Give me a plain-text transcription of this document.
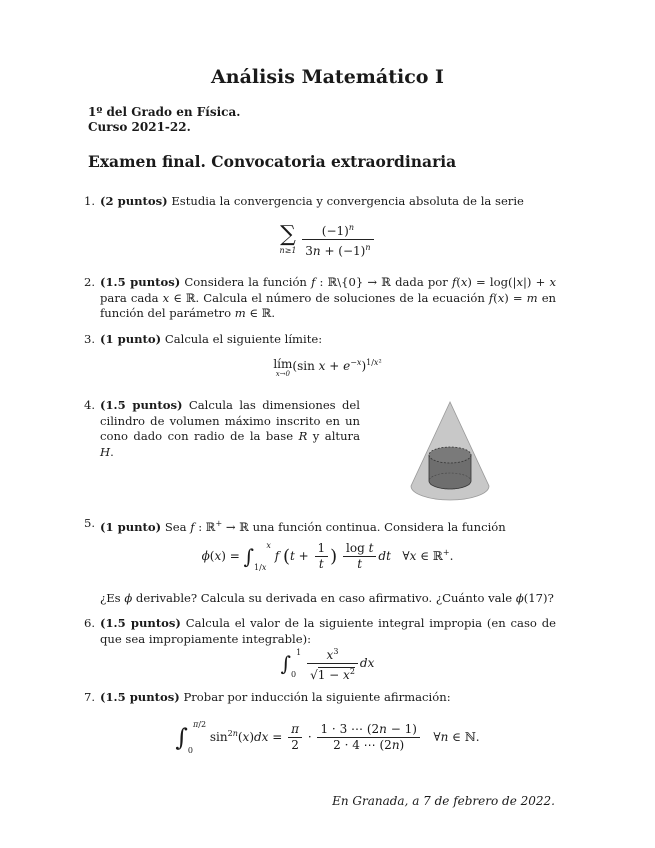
Análisis Matemático I
1º del Grado en Física.
Curso 2021-22.
Examen final. Convocatoria extraordinaria
1. (2 puntos) Estudia la convergencia y convergencia absoluta de la serie
∑
n≥1
$\frac{(-1)^n}{3n + (-1)^n}$
2. (1.5 puntos) Considera la función f : ℝ\{0} → ℝ dada por f(x) = log(|x|) + x para cada x ∈ ℝ. Calcula el número de soluciones de la ecuación f(x) = m en función del parámetro m ∈ ℝ.
3. (1 punto) Calcula el siguiente límite:
lím
x→0
(sin $x + e^{-x})^{1/x^2}$
4. (1.5 puntos) Calcula las dimensiones del cilindro de volumen máximo inscrito en un cono dado con radio de la base R y altura H.
5. (1 punto) Sea f : ℝ+ → ℝ una función continua. Considera la función
$\phi(x) = \int_{1/x}^x$ f ($t + \frac{1}{t}$ ) $\frac{\text{log t}}{t}$ dt   ∀x ∈ ℝ+.
¿Es ϕ derivable? Calcula su derivada en caso afirmativo. ¿Cuánto vale ϕ(17)?
6. (1.5 puntos) Calcula el valor de la siguiente integral impropia (en caso de que sea impropiamente integrable):
$\int_0^1 \frac{x^3}{√1 - x^2}$ dx
7. (1.5 puntos) Probar por inducción la siguiente afirmación:
$\int_0^{\pi/2}$ $\sin^{2n}(x)dx = \frac{\pi}{2} \cdot \frac{1 \cdot 3 \cdots (2n - 1)}{2 \cdot 4 \cdots (2n)}$ ∀n ∈ ℕ.
En Granada, a 7 de febrero de 2022.
